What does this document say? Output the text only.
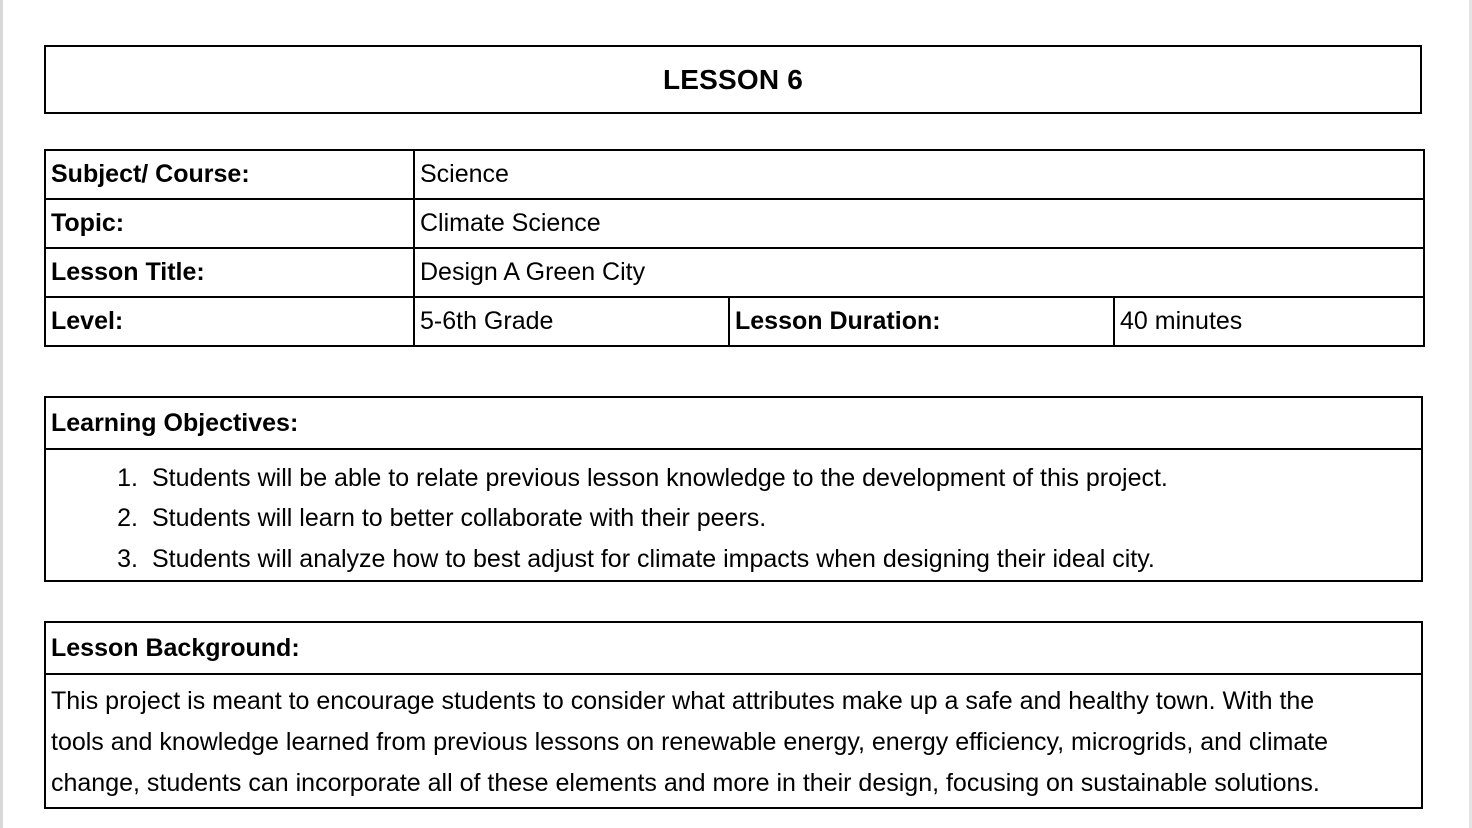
LESSON 6
Subject/ Course:	Science		
Topic:	Climate Science		
Lesson Title:	Design A Green City		
Level:	5-6th Grade	Lesson Duration:	40 minutes
Learning Objectives:
1. Students will be able to relate previous lesson knowledge to the development of this project.
2. Students will learn to better collaborate with their peers.
3. Students will analyze how to best adjust for climate impacts when designing their ideal city.
Lesson Background:
This project is meant to encourage students to consider what attributes make up a safe and healthy town. With the
tools and knowledge learned from previous lessons on renewable energy, energy efficiency, microgrids, and climate
change, students can incorporate all of these elements and more in their design, focusing on sustainable solutions.
